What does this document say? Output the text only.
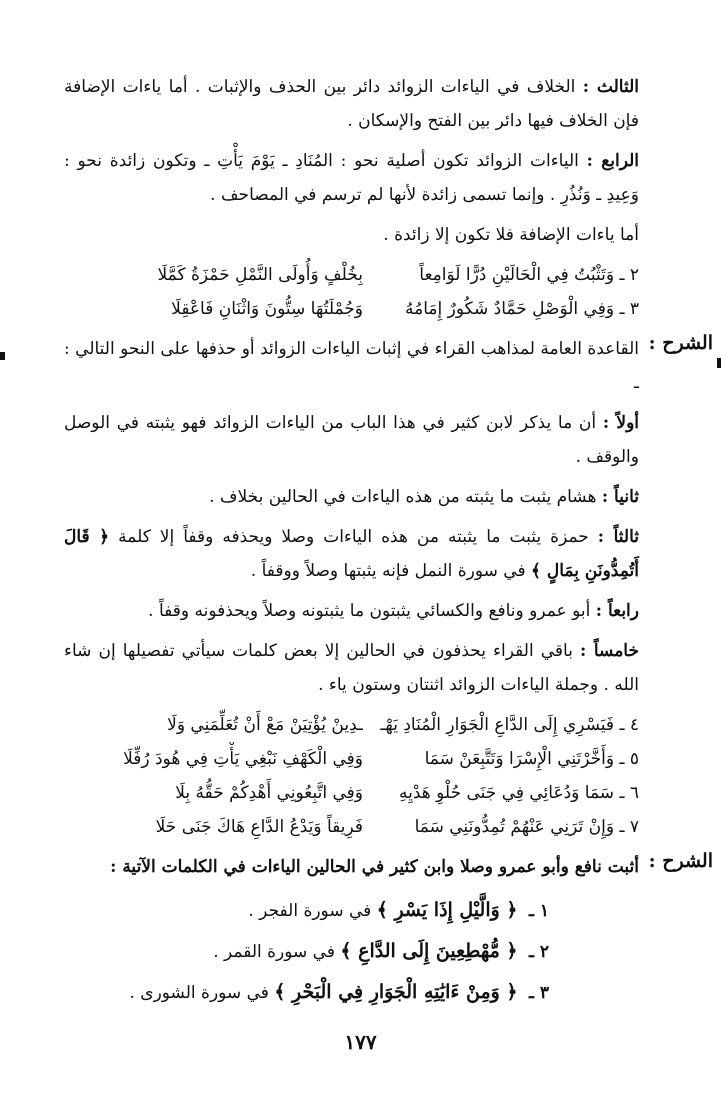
الثالث : الخلاف في الياءات الزوائد دائر بين الحذف والإثبات . أما ياءات الإضافة فإن الخلاف فيها دائر بين الفتح والإسكان .

الرابع : الياءات الزوائد تكون أصلية نحو : المُنَادِ ـ يَوْمَ يَأْتِ ـ وتكون زائدة نحو : وَعِيدِ ـ وَنُذُرِ . وإنما تسمى زائدة لأنها لم ترسم في المصاحف .

أما ياءات الإضافة فلا تكون إلا زائدة .

٢ ـ وَتَثْبُتُ فِي الْحَالَيْنِ دُرًّا لَوَامِعاً
بِخُلْفٍ وَأُولَى النَّمْلِ حَمْزَةُ كَمَّلَا
٣ ـ وَفِي الْوَصْلِ حَمَّادٌ شَكُورٌ إِمَامُهُ
وَجُمْلَتُهَا سِتُّونَ وَاثْنَانِ فَاعْقِلَا
الشرح :

القاعدة العامة لمذاهب القراء في إثبات الياءات الزوائد أو حذفها على النحو التالي : ـ

أولاً : أن ما يذكر لابن كثير في هذا الباب من الياءات الزوائد فهو يثبته في الوصل والوقف .

ثانياً : هشام يثبت ما يثبته من هذه الياءات في الحالين بخلاف .

ثالثاً : حمزة يثبت ما يثبته من هذه الياءات وصلا ويحذفه وقفاً إلا كلمة ﴿ قَالَ أَتُمِدُّونَنِ بِمَالٍ ﴾ في سورة النمل فإنه يثبتها وصلاً ووقفاً .

رابعاً : أبو عمرو ونافع والكسائي يثبتون ما يثبتونه وصلاً ويحذفونه وقفاً .

خامساً : باقي القراء يحذفون في الحالين إلا بعض كلمات سيأتي تفصيلها إن شاء الله . وجملة الياءات الزوائد اثنتان وستون ياء .

٤ ـ فَيَسْرِي إِلَى الدَّاعِ الْجَوَارِ الْمُنَادِ يَهْـ
ـدِينْ يُؤْتِيَنْ مَعْ أَنْ تُعَلِّمَنِي وَلَا
٥ ـ وَأَخَّرْتَنِي الْإِسْرَا وَتَتَّبِعَنْ سَمَا
وَفِي الْكَهْفِ نَبْغِي يَأْتِ فِي هُودَ رُفِّلَا
٦ ـ سَمَا وَدُعَائِي فِي جَنَى حُلْوِ هَدْيِهِ
وَفِي اتَّبِعُونِي أَهْدِكُمْ حَقُّهُ بِلَا
٧ ـ وَإِنْ تَرَنِي عَنْهُمْ تُمِدُّونَنِي سَمَا
فَرِيقاً وَيَدْعُ الدَّاعِ هَاكَ جَنَى حَلَا
الشرح :

أثبت نافع وأبو عمرو وصلا وابن كثير في الحالين الياءات في الكلمات الآتية :

١ ـ ﴿ وَالَّيْلِ إِذَا يَسْرِ ﴾ في سورة الفجر .
٢ ـ ﴿ مُّهْطِعِينَ إِلَى الدَّاعِ ﴾ في سورة القمر .
٣ ـ ﴿ وَمِنْ ءَايَٰتِهِ الْجَوَارِ فِي الْبَحْرِ ﴾ في سورة الشورى .
١٧٧
